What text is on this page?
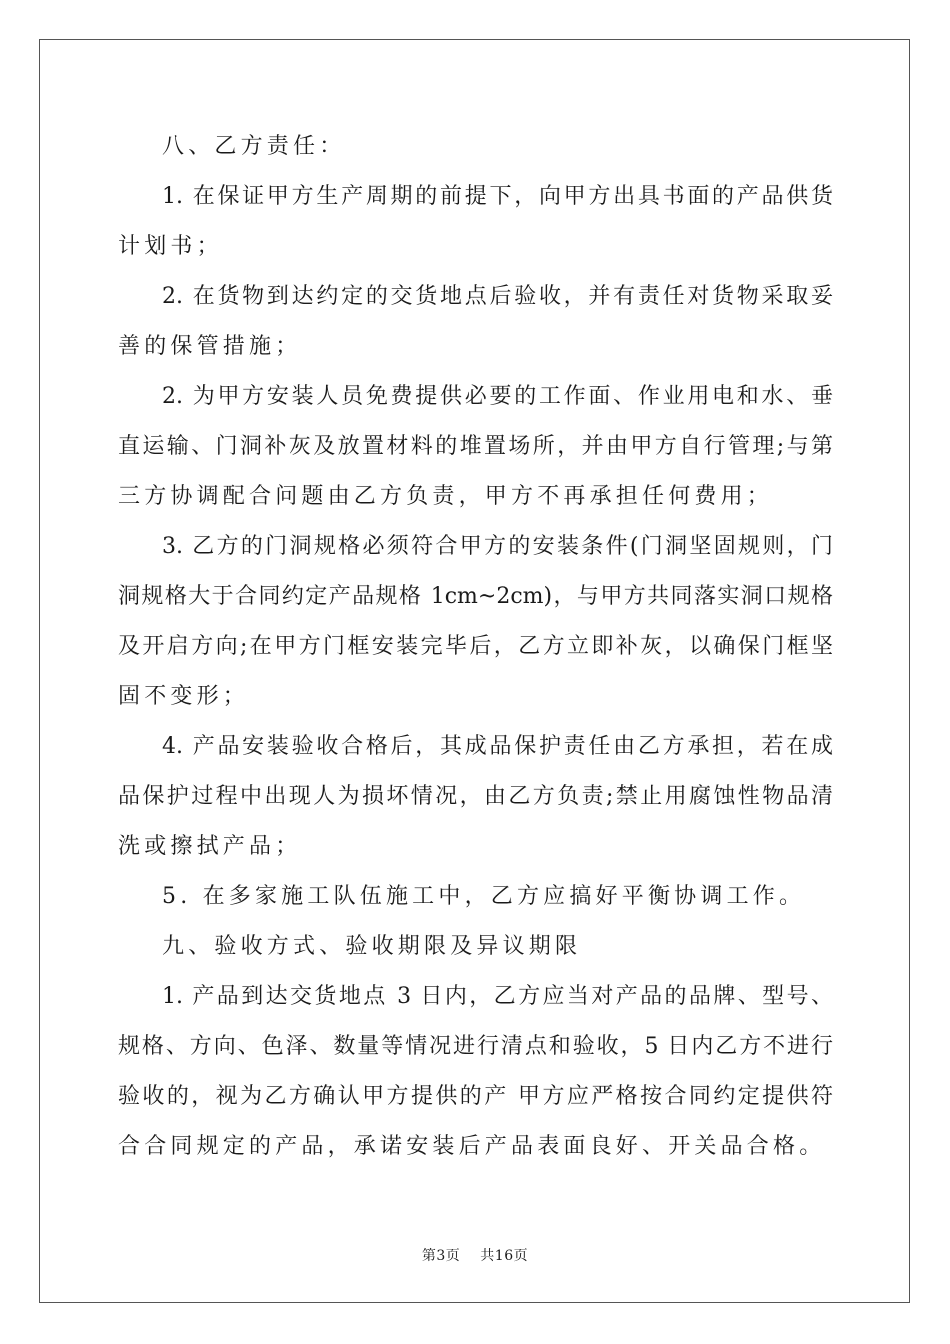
八、乙方责任：
1. 在保证甲方生产周期的前提下，向甲方出具书面的产品供货
计划书；
2. 在货物到达约定的交货地点后验收，并有责任对货物采取妥
善的保管措施；
2. 为甲方安装人员免费提供必要的工作面、作业用电和水、垂
直运输、门洞补灰及放置材料的堆置场所，并由甲方自行管理;与第
三方协调配合问题由乙方负责，甲方不再承担任何费用；
3. 乙方的门洞规格必须符合甲方的安装条件(门洞坚固规则，门
洞规格大于合同约定产品规格 1cm~2cm)，与甲方共同落实洞口规格
及开启方向;在甲方门框安装完毕后，乙方立即补灰，以确保门框坚
固不变形；
4. 产品安装验收合格后，其成品保护责任由乙方承担，若在成
品保护过程中出现人为损坏情况，由乙方负责;禁止用腐蚀性物品清
洗或擦拭产品；
5. 在多家施工队伍施工中，乙方应搞好平衡协调工作。
九、验收方式、验收期限及异议期限
1. 产品到达交货地点 3 日内，乙方应当对产品的品牌、型号、
规格、方向、色泽、数量等情况进行清点和验收，5 日内乙方不进行
验收的，视为乙方确认甲方提供的产 甲方应严格按合同约定提供符
合合同规定的产品，承诺安装后产品表面良好、开关品合格。
第3页 共16页
